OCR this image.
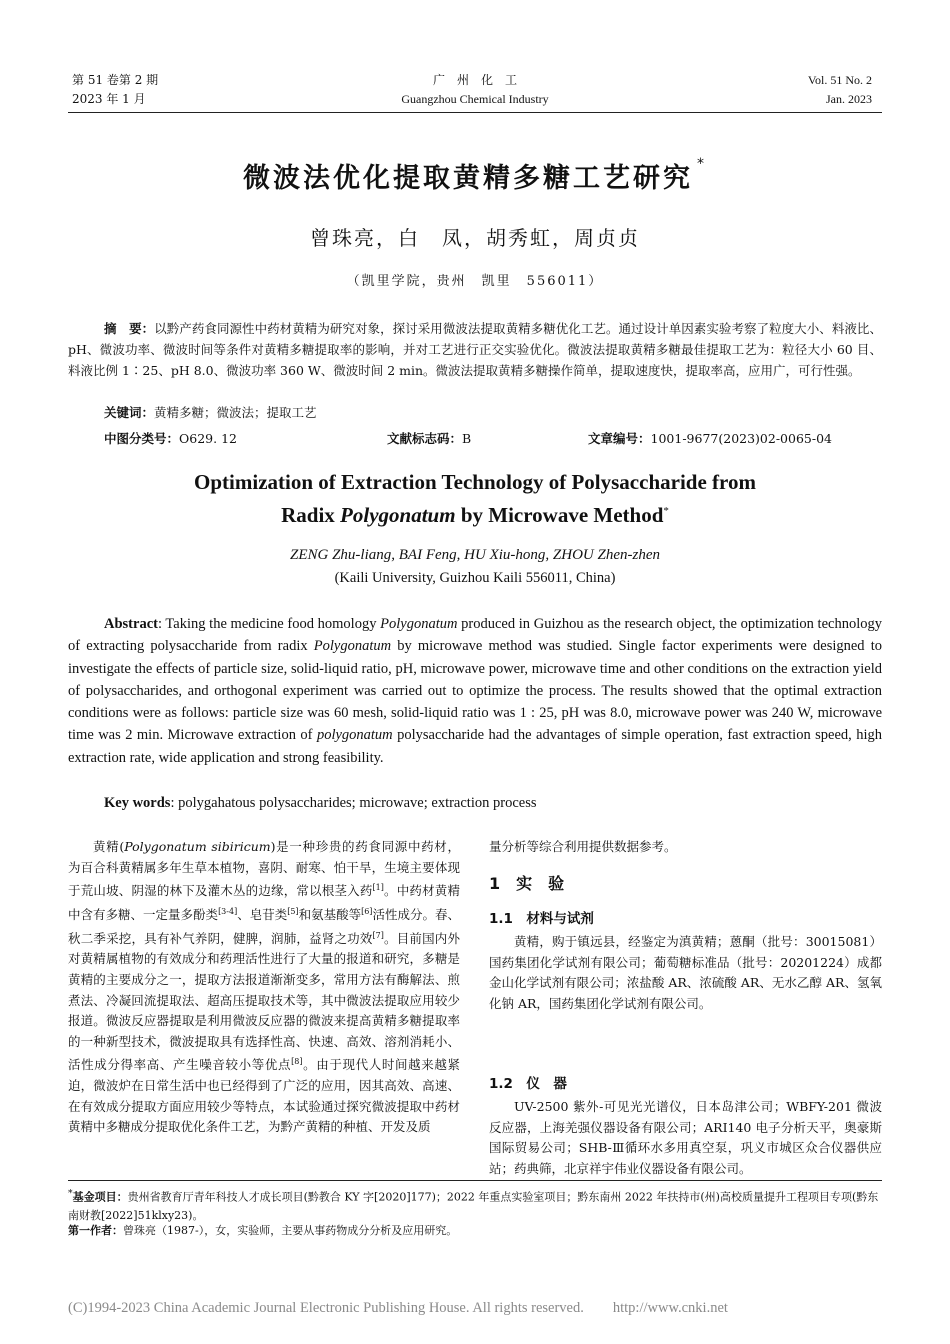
第 51 卷第 2 期
2023 年 1 月
广　州　化　工
Guangzhou Chemical Industry
Vol. 51 No. 2
Jan. 2023
微波法优化提取黄精多糖工艺研究 *
曾珠亮，白　凤，胡秀虹，周贞贞
（凯里学院，贵州　凯里　556011）
摘　要：以黔产药食同源性中药材黄精为研究对象，探讨采用微波法提取黄精多糖优化工艺。通过设计单因素实验考察了粒度大小、料液比、pH、微波功率、微波时间等条件对黄精多糖提取率的影响，并对工艺进行正交实验优化。微波法提取黄精多糖最佳提取工艺为：粒径大小 60 目、料液比例 1∶25、pH 8.0、微波功率 360 W、微波时间 2 min。微波法提取黄精多糖操作简单，提取速度快，提取率高，应用广，可行性强。
关键词：黄精多糖；微波法；提取工艺
中图分类号：O629. 12	文献标志码：B	文章编号：1001-9677(2023)02-0065-04
Optimization of Extraction Technology of Polysaccharide from
Radix Polygonatum by Microwave Method*
ZENG Zhu-liang, BAI Feng, HU Xiu-hong, ZHOU Zhen-zhen
(Kaili University, Guizhou Kaili 556011, China)
Abstract: Taking the medicine food homology Polygonatum produced in Guizhou as the research object, the optimization technology of extracting polysaccharide from radix Polygonatum by microwave method was studied. Single factor experiments were designed to investigate the effects of particle size, solid-liquid ratio, pH, microwave power, microwave time and other conditions on the extraction yield of polysaccharides, and orthogonal experiment was carried out to optimize the process. The results showed that the optimal extraction conditions were as follows: particle size was 60 mesh, solid-liquid ratio was 1 : 25, pH was 8.0, microwave power was 240 W, microwave time was 2 min. Microwave extraction of polygonatum polysaccharide had the advantages of simple operation, fast extraction speed, high extraction rate, wide application and strong feasibility.
Key words: polygahatous polysaccharides; microwave; extraction process
黄精(Polygonatum sibiricum)是一种珍贵的药食同源中药材，为百合科黄精属多年生草本植物，喜阴、耐寒、怕干旱，生境主要体现于荒山坡、阴湿的林下及灌木丛的边缘，常以根茎入药[1]。中药材黄精中含有多糖、一定量多酚类[3-4]、皂苷类[5]和氨基酸等[6]活性成分。春、秋二季采挖，具有补气养阴，健脾，润肺，益肾之功效[7]。目前国内外对黄精属植物的有效成分和药理活性进行了大量的报道和研究，多糖是黄精的主要成分之一，提取方法报道渐渐变多，常用方法有酶解法、煎煮法、冷凝回流提取法、超高压提取技术等，其中微波法提取应用较少报道。微波反应器提取是利用微波反应器的微波来提高黄精多糖提取率的一种新型技术，微波提取具有选择性高、快速、高效、溶剂消耗小、活性成分得率高、产生噪音较小等优点[8]。由于现代人时间越来越紧迫，微波炉在日常生活中也已经得到了广泛的应用，因其高效、高速、在有效成分提取方面应用较少等特点，本试验通过探究微波提取中药材黄精中多糖成分提取优化条件工艺，为黔产黄精的种植、开发及质
量分析等综合利用提供数据参考。
1　实　验
1.1　材料与试剂
黄精，购于镇远县，经鉴定为滇黄精；蒽酮（批号：30015081）国药集团化学试剂有限公司；葡萄糖标准品（批号：20201224）成都金山化学试剂有限公司；浓盐酸 AR、浓硫酸 AR、无水乙醇 AR、氢氧化钠 AR，国药集团化学试剂有限公司。
1.2　仪　器
UV-2500 紫外-可见光光谱仪，日本岛津公司；WBFY-201 微波反应器，上海羌强仪器设备有限公司；ARI140 电子分析天平，奥豪斯国际贸易公司；SHB-Ⅲ循环水多用真空泵，巩义市城区众合仪器供应站；药典筛，北京祥宇伟业仪器设备有限公司。
*基金项目：贵州省教育厅青年科技人才成长项目(黔教合 KY 字[2020]177)；2022 年重点实验室项目；黔东南州 2022 年扶持市(州)高校质量提升工程项目专项(黔东南财教[2022]51klxy23)。
第一作者：曾珠亮（1987-），女，实验师，主要从事药物成分分析及应用研究。
(C)1994-2023 China Academic Journal Electronic Publishing House. All rights reserved.　　http://www.cnki.net
